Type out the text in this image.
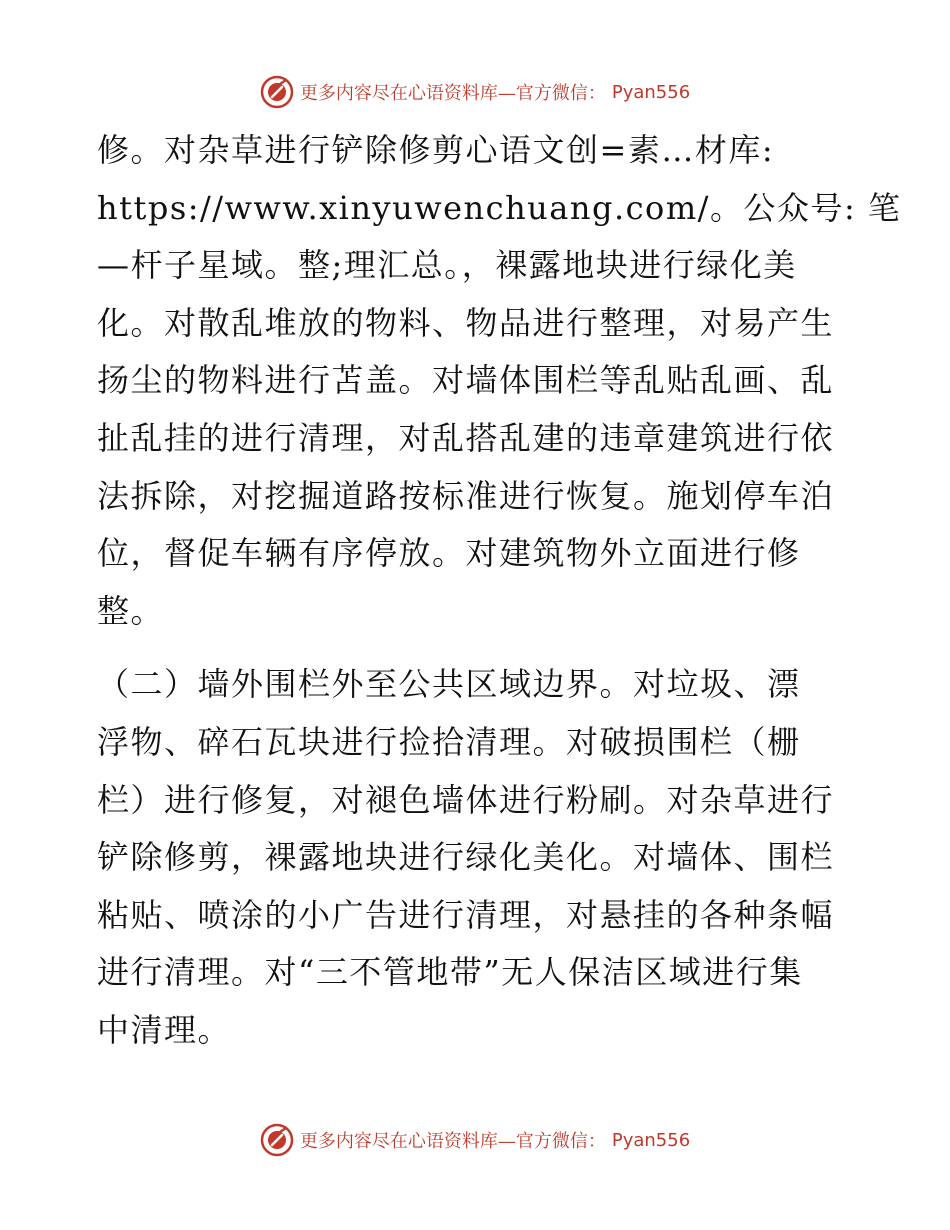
更多内容尽在心语资料库—官方微信： Pyan556

修。对杂草进行铲除修剪心语文创=素…材库:
https://www.xinyuwenchuang.com/。公众号: 笔
—杆子星域。整;理汇总。，裸露地块进行绿化美
化。对散乱堆放的物料、物品进行整理，对易产生
扬尘的物料进行苫盖。对墙体围栏等乱贴乱画、乱
扯乱挂的进行清理，对乱搭乱建的违章建筑进行依
法拆除，对挖掘道路按标准进行恢复。施划停车泊
位，督促车辆有序停放。对建筑物外立面进行修
整。

（二）墙外围栏外至公共区域边界。对垃圾、漂
浮物、碎石瓦块进行捡拾清理。对破损围栏（栅
栏）进行修复，对褪色墙体进行粉刷。对杂草进行
铲除修剪，裸露地块进行绿化美化。对墙体、围栏
粘贴、喷涂的小广告进行清理，对悬挂的各种条幅
进行清理。对“三不管地带”无人保洁区域进行集
中清理。

更多内容尽在心语资料库—官方微信： Pyan556
